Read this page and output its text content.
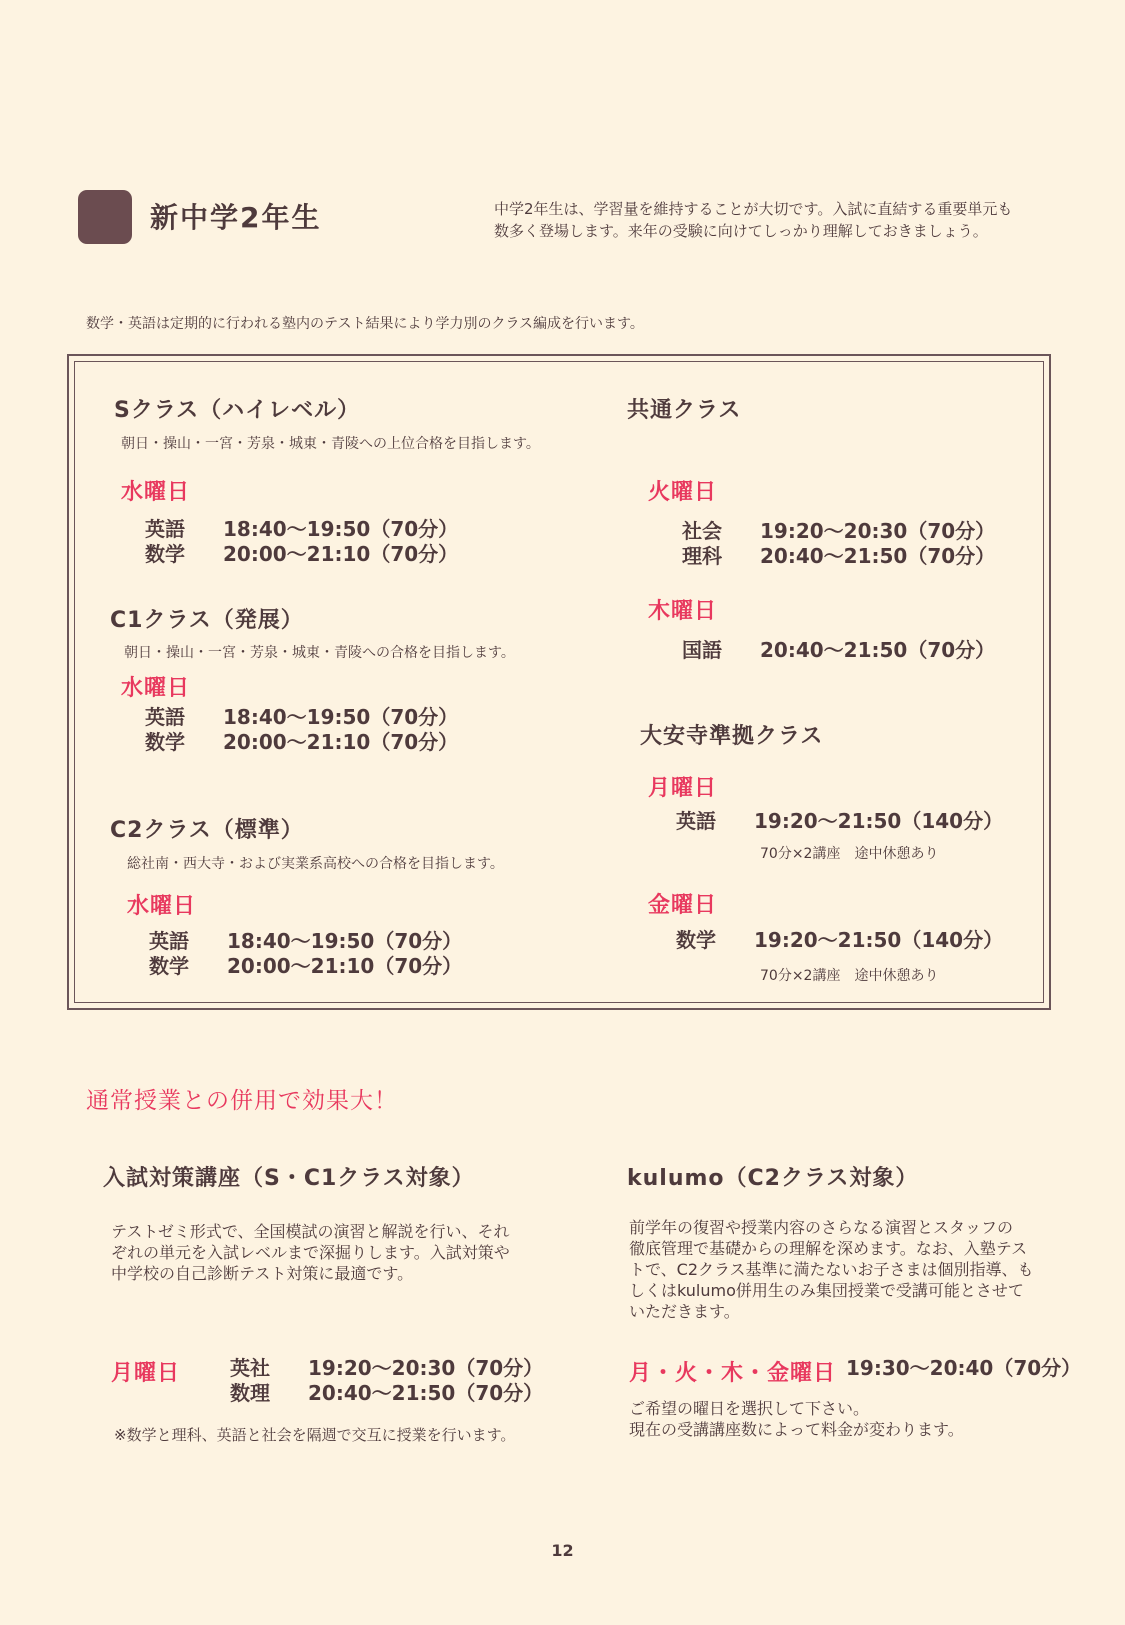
新中学2年生	中学2年生は、学習量を維持することが大切です。入試に直結する重要単元も
数多く登場します。来年の受験に向けてしっかり理解しておきましょう。
数学・英語は定期的に行われる塾内のテスト結果により学力別のクラス編成を行います。
Sクラス（ハイレベル）
朝日・操山・一宮・芳泉・城東・青陵への上位合格を目指します。
水曜日
英語 18:40〜19:50（70分）
数学 20:00〜21:10（70分）
C1クラス（発展）
朝日・操山・一宮・芳泉・城東・青陵への合格を目指します。
水曜日
英語 18:40〜19:50（70分）
数学 20:00〜21:10（70分）
C2クラス（標準）
総社南・西大寺・および実業系高校への合格を目指します。
水曜日
英語 18:40〜19:50（70分）
数学 20:00〜21:10（70分）
共通クラス
火曜日
社会 19:20〜20:30（70分）
理科 20:40〜21:50（70分）
木曜日
国語 20:40〜21:50（70分）
大安寺準拠クラス
月曜日
英語 19:20〜21:50（140分）
70分×2講座　途中休憩あり
金曜日
数学 19:20〜21:50（140分）
70分×2講座　途中休憩あり
通常授業との併用で効果大！
入試対策講座（S・C1クラス対象）
テストゼミ形式で、全国模試の演習と解説を行い、それ
ぞれの単元を入試レベルまで深掘りします。入試対策や
中学校の自己診断テスト対策に最適です。
月曜日 英社 19:20〜20:30（70分）
数理 20:40〜21:50（70分）
※数学と理科、英語と社会を隔週で交互に授業を行います。
kulumo（C2クラス対象）
前学年の復習や授業内容のさらなる演習とスタッフの
徹底管理で基礎からの理解を深めます。なお、入塾テス
トで、C2クラス基準に満たないお子さまは個別指導、も
しくはkulumo併用生のみ集団授業で受講可能とさせて
いただきます。
月・火・木・金曜日 19:30〜20:40（70分）
ご希望の曜日を選択して下さい。
現在の受講講座数によって料金が変わります。
12
